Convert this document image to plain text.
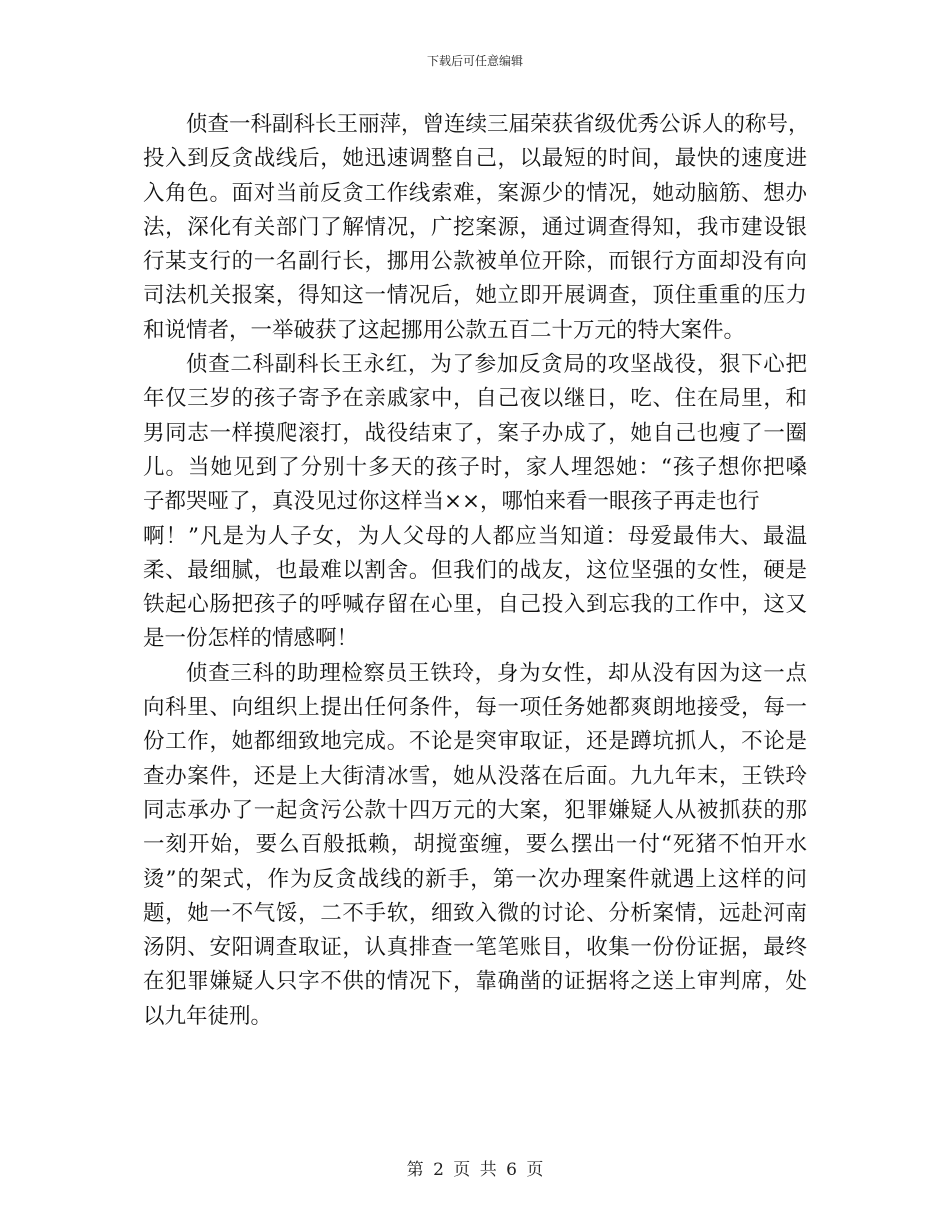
下载后可任意编辑
侦查一科副科长王丽萍，曾连续三届荣获省级优秀公诉人的称号，
投入到反贪战线后，她迅速调整自己，以最短的时间，最快的速度进
入角色。面对当前反贪工作线索难，案源少的情况，她动脑筋、想办
法，深化有关部门了解情况，广挖案源，通过调查得知，我市建设银
行某支行的一名副行长，挪用公款被单位开除，而银行方面却没有向
司法机关报案，得知这一情况后，她立即开展调查，顶住重重的压力
和说情者，一举破获了这起挪用公款五百二十万元的特大案件。
侦查二科副科长王永红，为了参加反贪局的攻坚战役，狠下心把
年仅三岁的孩子寄予在亲戚家中，自己夜以继日，吃、住在局里，和
男同志一样摸爬滚打，战役结束了，案子办成了，她自己也瘦了一圈
儿。当她见到了分别十多天的孩子时，家人埋怨她：“孩子想你把嗓
子都哭哑了，真没见过你这样当××，哪怕来看一眼孩子再走也行
啊！”凡是为人子女，为人父母的人都应当知道：母爱最伟大、最温
柔、最细腻，也最难以割舍。但我们的战友，这位坚强的女性，硬是
铁起心肠把孩子的呼喊存留在心里，自己投入到忘我的工作中，这又
是一份怎样的情感啊！
侦查三科的助理检察员王铁玲，身为女性，却从没有因为这一点
向科里、向组织上提出任何条件，每一项任务她都爽朗地接受，每一
份工作，她都细致地完成。不论是突审取证，还是蹲坑抓人，不论是
查办案件，还是上大街清冰雪，她从没落在后面。九九年末，王铁玲
同志承办了一起贪污公款十四万元的大案，犯罪嫌疑人从被抓获的那
一刻开始，要么百般抵赖，胡搅蛮缠，要么摆出一付“死猪不怕开水
烫”的架式，作为反贪战线的新手，第一次办理案件就遇上这样的问
题，她一不气馁，二不手软，细致入微的讨论、分析案情，远赴河南
汤阴、安阳调查取证，认真排查一笔笔账目，收集一份份证据，最终
在犯罪嫌疑人只字不供的情况下，靠确凿的证据将之送上审判席，处
以九年徒刑。
第 2 页 共 6 页
